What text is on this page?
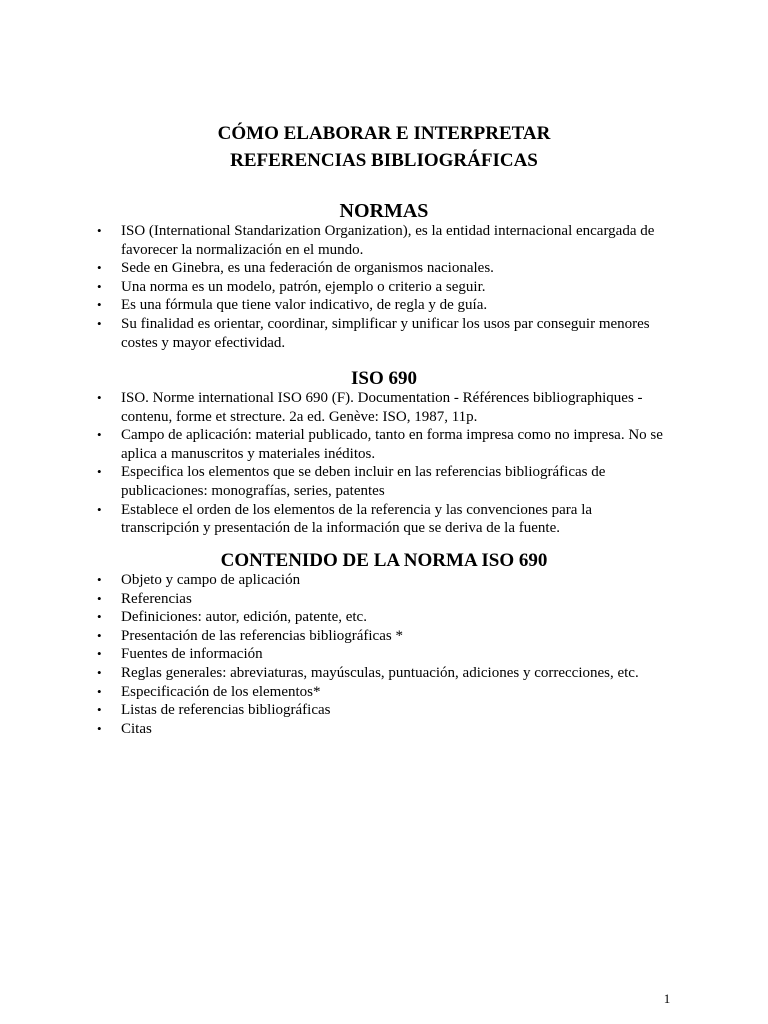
CÓMO ELABORAR E INTERPRETAR
REFERENCIAS BIBLIOGRÁFICAS
NORMAS
• ISO (International Standarization Organization), es la entidad internacional encargada de favorecer la normalización en el mundo.
• Sede en Ginebra, es una federación de organismos nacionales.
• Una norma es un modelo, patrón, ejemplo o criterio a seguir.
• Es una fórmula que tiene valor indicativo, de regla y de guía.
• Su finalidad es orientar, coordinar, simplificar y unificar los usos par conseguir menores costes y mayor efectividad.
ISO 690
• ISO. Norme international ISO 690 (F). Documentation - Références bibliographiques - contenu, forme et strecture. 2a ed. Genève: ISO, 1987, 11p.
• Campo de aplicación: material publicado, tanto en forma impresa como no impresa. No se aplica a manuscritos y materiales inéditos.
• Especifica los elementos que se deben incluir en las referencias bibliográficas de publicaciones: monografías, series, patentes
• Establece el orden de los elementos de la referencia y las convenciones para la transcripción y presentación de la información que se deriva de la fuente.
CONTENIDO DE LA NORMA ISO 690
• Objeto y campo de aplicación
• Referencias
• Definiciones: autor, edición, patente, etc.
• Presentación de las referencias bibliográficas *
• Fuentes de información
• Reglas generales: abreviaturas, mayúsculas, puntuación, adiciones y correcciones, etc.
• Especificación de los elementos*
• Listas de referencias bibliográficas
• Citas
1
